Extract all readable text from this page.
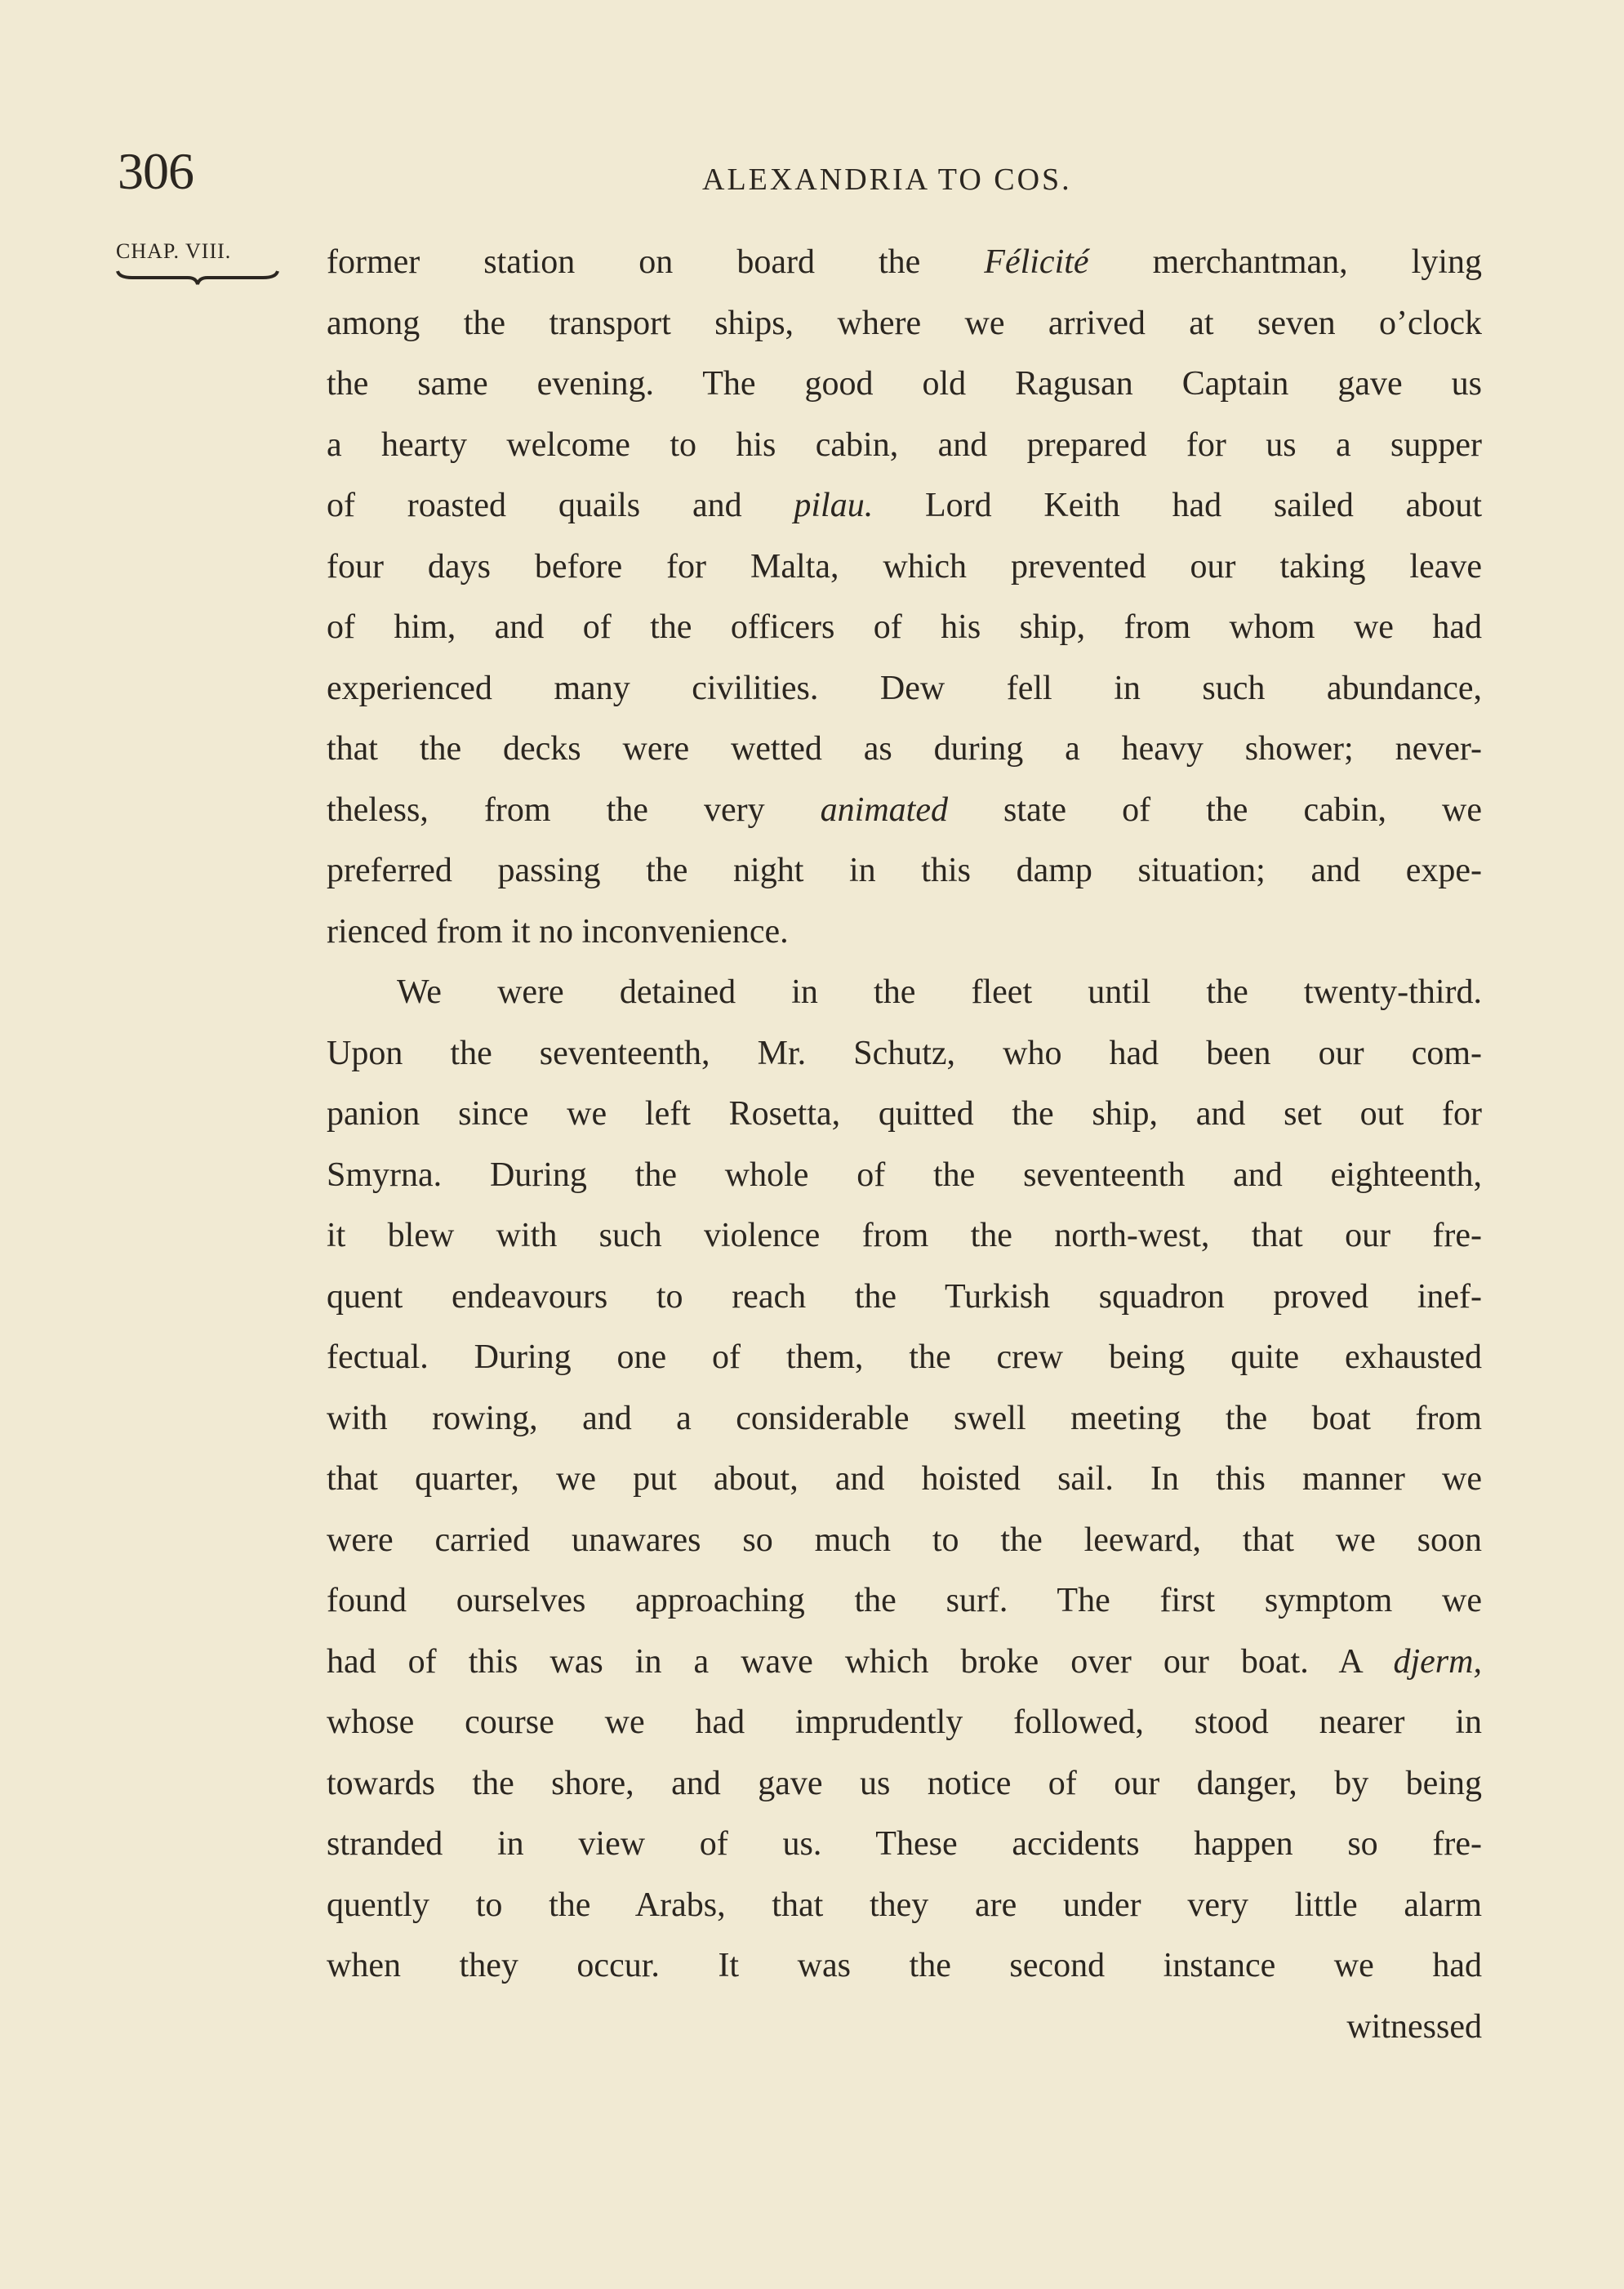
306	ALEXANDRIA TO COS.
CHAP. VIII.	former station on board the Félicité merchantman, lying
among the transport ships, where we arrived at seven o’clock
the same evening. The good old Ragusan Captain gave us
a hearty welcome to his cabin, and prepared for us a supper
of roasted quails and pilau. Lord Keith had sailed about
four days before for Malta, which prevented our taking leave
of him, and of the officers of his ship, from whom we had
experienced many civilities. Dew fell in such abundance,
that the decks were wetted as during a heavy shower; never-
theless, from the very animated state of the cabin, we
preferred passing the night in this damp situation; and expe-
rienced from it no inconvenience.
We were detained in the fleet until the twenty-third.
Upon the seventeenth, Mr. Schutz, who had been our com-
panion since we left Rosetta, quitted the ship, and set out for
Smyrna. During the whole of the seventeenth and eighteenth,
it blew with such violence from the north-west, that our fre-
quent endeavours to reach the Turkish squadron proved inef-
fectual. During one of them, the crew being quite exhausted
with rowing, and a considerable swell meeting the boat from
that quarter, we put about, and hoisted sail. In this manner we
were carried unawares so much to the leeward, that we soon
found ourselves approaching the surf. The first symptom we
had of this was in a wave which broke over our boat. A djerm,
whose course we had imprudently followed, stood nearer in
towards the shore, and gave us notice of our danger, by being
stranded in view of us. These accidents happen so fre-
quently to the Arabs, that they are under very little alarm
when they occur. It was the second instance we had
witnessed
